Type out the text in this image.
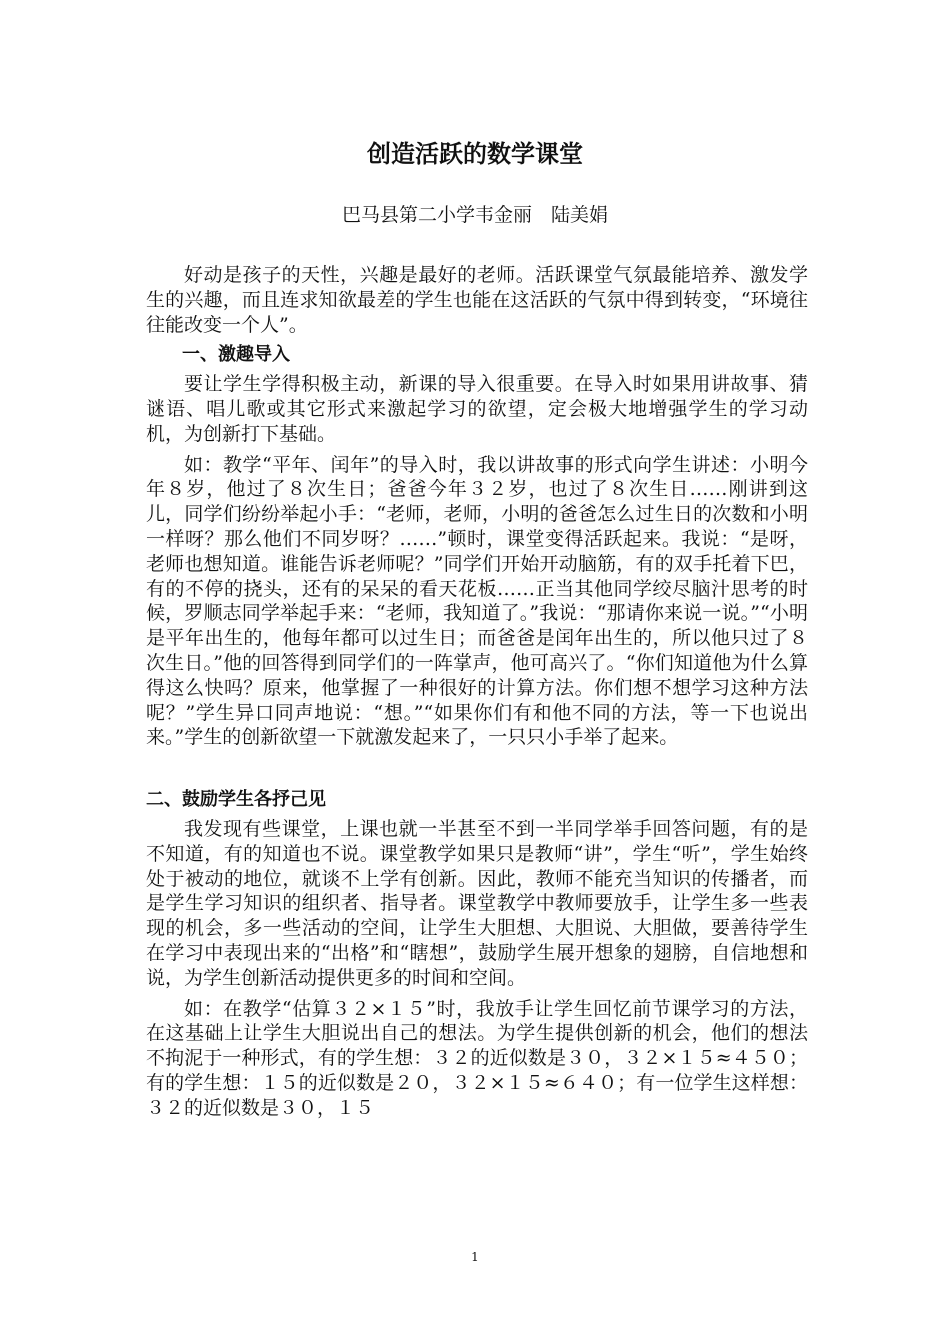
创造活跃的数学课堂
巴马县第二小学韦金丽　陆美娟

好动是孩子的天性，兴趣是最好的老师。活跃课堂气氛最能培养、激发学生的兴趣，而且连求知欲最差的学生也能在这活跃的气氛中得到转变，“环境往往能改变一个人”。

一、激趣导入

要让学生学得积极主动，新课的导入很重要。在导入时如果用讲故事、猜谜语、唱儿歌或其它形式来激起学习的欲望，定会极大地增强学生的学习动机，为创新打下基础。

如：教学“平年、闰年”的导入时，我以讲故事的形式向学生讲述：小明今年８岁，他过了８次生日；爸爸今年３２岁，也过了８次生日……刚讲到这儿，同学们纷纷举起小手：“老师，老师，小明的爸爸怎么过生日的次数和小明一样呀？那么他们不同岁呀？……”顿时，课堂变得活跃起来。我说：“是呀，老师也想知道。谁能告诉老师呢？”同学们开始开动脑筋，有的双手托着下巴，有的不停的挠头，还有的呆呆的看天花板……正当其他同学绞尽脑汁思考的时候，罗顺志同学举起手来：“老师，我知道了。”我说：“那请你来说一说。”“小明是平年出生的，他每年都可以过生日；而爸爸是闰年出生的，所以他只过了８次生日。”他的回答得到同学们的一阵掌声，他可高兴了。“你们知道他为什么算得这么快吗？原来，他掌握了一种很好的计算方法。你们想不想学习这种方法呢？”学生异口同声地说：“想。”“如果你们有和他不同的方法，等一下也说出来。”学生的创新欲望一下就激发起来了，一只只小手举了起来。

二、鼓励学生各抒己见

我发现有些课堂，上课也就一半甚至不到一半同学举手回答问题，有的是不知道，有的知道也不说。课堂教学如果只是教师“讲”，学生“听”，学生始终处于被动的地位，就谈不上学有创新。因此，教师不能充当知识的传播者，而是学生学习知识的组织者、指导者。课堂教学中教师要放手，让学生多一些表现的机会，多一些活动的空间，让学生大胆想、大胆说、大胆做，要善待学生在学习中表现出来的“出格”和“瞎想”，鼓励学生展开想象的翅膀，自信地想和说，为学生创新活动提供更多的时间和空间。

如：在教学“估算３２×１５”时，我放手让学生回忆前节课学习的方法，在这基础上让学生大胆说出自己的想法。为学生提供创新的机会，他们的想法不拘泥于一种形式，有的学生想：３２的近似数是３０，３２×１５≈４５０；有的学生想：１５的近似数是２０，３２×１５≈６４０；有一位学生这样想：３２的近似数是３０，１５

1
